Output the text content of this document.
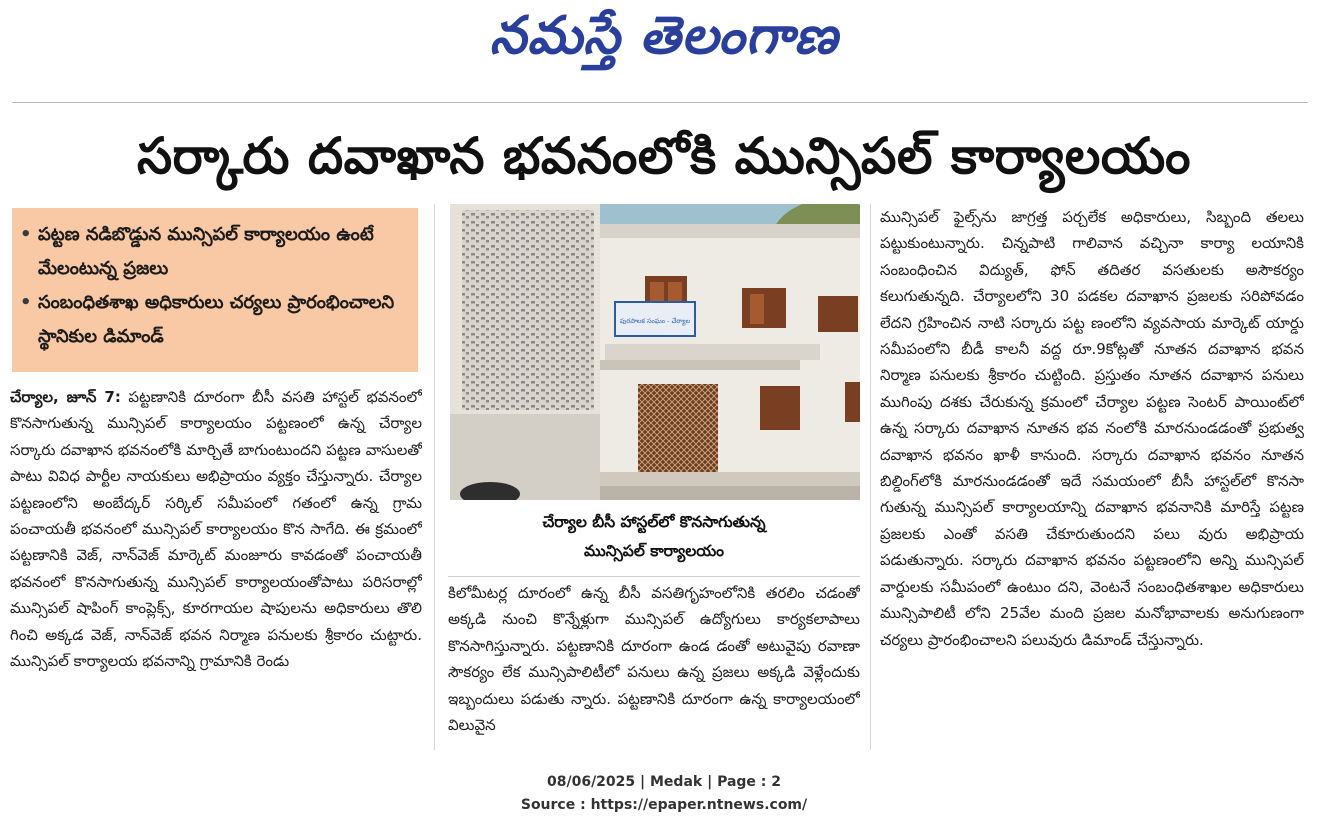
నమస్తే తెలంగాణ
సర్కారు దవాఖాన భవనంలోకి మున్సిపల్ కార్యాలయం
• పట్టణ నడిబొడ్డున మున్సిపల్ కార్యాలయం ఉంటే మేలంటున్న ప్రజలు
• సంబంధితశాఖ అధికారులు చర్యలు ప్రారంభించాలని స్థానికుల డిమాండ్
చేర్యాల, జూన్ 7: పట్టణానికి దూరంగా బీసీ వసతి హాస్టల్ భవనంలో కొనసాగుతున్న మున్సిపల్ కార్యాలయం పట్టణంలో ఉన్న చేర్యాల సర్కారు దవాఖాన భవనంలోకి మార్చితే బాగుంటుందని పట్టణ వాసులతో పాటు వివిధ పార్టీల నాయకులు అభిప్రాయం వ్యక్తం చేస్తున్నారు. చేర్యాల పట్టణంలోని అంబేద్కర్ సర్కిల్ సమీపంలో గతంలో ఉన్న గ్రామ పంచాయతీ భవనంలో మున్సిపల్ కార్యాలయం కొన సాగేది. ఈ క్రమంలో పట్టణానికి వెజ్, నాన్‌వెజ్ మార్కెట్ మంజూరు కావడంతో పంచాయతీ భవనంలో కొనసాగుతున్న మున్సిపల్ కార్యాలయంతోపాటు పరిసరాల్లో మున్సిపల్ షాపింగ్ కాంప్లెక్స్, కూరగాయల షాపులను అధికారులు తొలి గించి అక్కడ వెజ్, నాన్‌వెజ్ భవన నిర్మాణ పనులకు శ్రీకారం చుట్టారు. మున్సిపల్ కార్యాలయ భవనాన్ని గ్రామానికి రెండు
పురపాలక సంఘం - చేర్యాల
చేర్యాల బీసీ హాస్టల్‌లో కొనసాగుతున్న
మున్సిపల్ కార్యాలయం
కిలోమీటర్ల దూరంలో ఉన్న బీసీ వసతిగృహంలోనికి తరలిం చడంతో అక్కడి నుంచి కొన్నేళ్లుగా మున్సిపల్ ఉద్యోగులు కార్యకలాపాలు కొనసాగిస్తున్నారు. పట్టణానికి దూరంగా ఉండ డంతో అటువైపు రవాణా సౌకర్యం లేక మున్సిపాలిటీలో పనులు ఉన్న ప్రజలు అక్కడి వెళ్లేందుకు ఇబ్బందులు పడుతు న్నారు. పట్టణానికి దూరంగా ఉన్న కార్యాలయంలో విలువైన
మున్సిపల్ ఫైల్స్‌ను జాగ్రత్త పర్చలేక అధికారులు, సిబ్బంది తలలు పట్టుకుంటున్నారు. చిన్నపాటి గాలివాన వచ్చినా కార్యా లయానికి సంబంధించిన విద్యుత్, ఫోన్ తదితర వసతులకు అసౌకర్యం కలుగుతున్నది. చేర్యాలలోని 30 పడకల దవాఖాన ప్రజలకు సరిపోవడం లేదని గ్రహించిన నాటి సర్కారు పట్ట ణంలోని వ్యవసాయ మార్కెట్ యార్డు సమీపంలోని బీడీ కాలనీ వద్ద రూ.9కోట్లతో నూతన దవాఖాన భవన నిర్మాణ పనులకు శ్రీకారం చుట్టింది. ప్రస్తుతం నూతన దవాఖాన పనులు ముగింపు దశకు చేరుకున్న క్రమంలో చేర్యాల పట్టణ సెంటర్ పాయింట్‌లో ఉన్న సర్కారు దవాఖాన నూతన భవ నంలోకి మారనుండడంతో ప్రభుత్వ దవాఖాన భవనం ఖాళీ కానుంది. సర్కారు దవాఖాన భవనం నూతన బిల్డింగ్‌లోకి మారనుండడంతో ఇదే సమయంలో బీసీ హాస్టల్‌లో కొనసా గుతున్న మున్సిపల్ కార్యాలయాన్ని దవాఖాన భవనానికి మారిస్తే పట్టణ ప్రజలకు ఎంతో వసతి చేకూరుతుందని పలు వురు అభిప్రాయ పడుతున్నారు. సర్కారు దవాఖాన భవనం పట్టణంలోని అన్ని మున్సిపల్ వార్డులకు సమీపంలో ఉంటుం దని, వెంటనే సంబంధితశాఖల అధికారులు మున్సిపాలిటీ లోని 25వేల మంది ప్రజల మనోభావాలకు అనుగుణంగా చర్యలు ప్రారంభించాలని పలువురు డిమాండ్ చేస్తున్నారు.
08/06/2025 | Medak | Page : 2
Source : https://epaper.ntnews.com/
